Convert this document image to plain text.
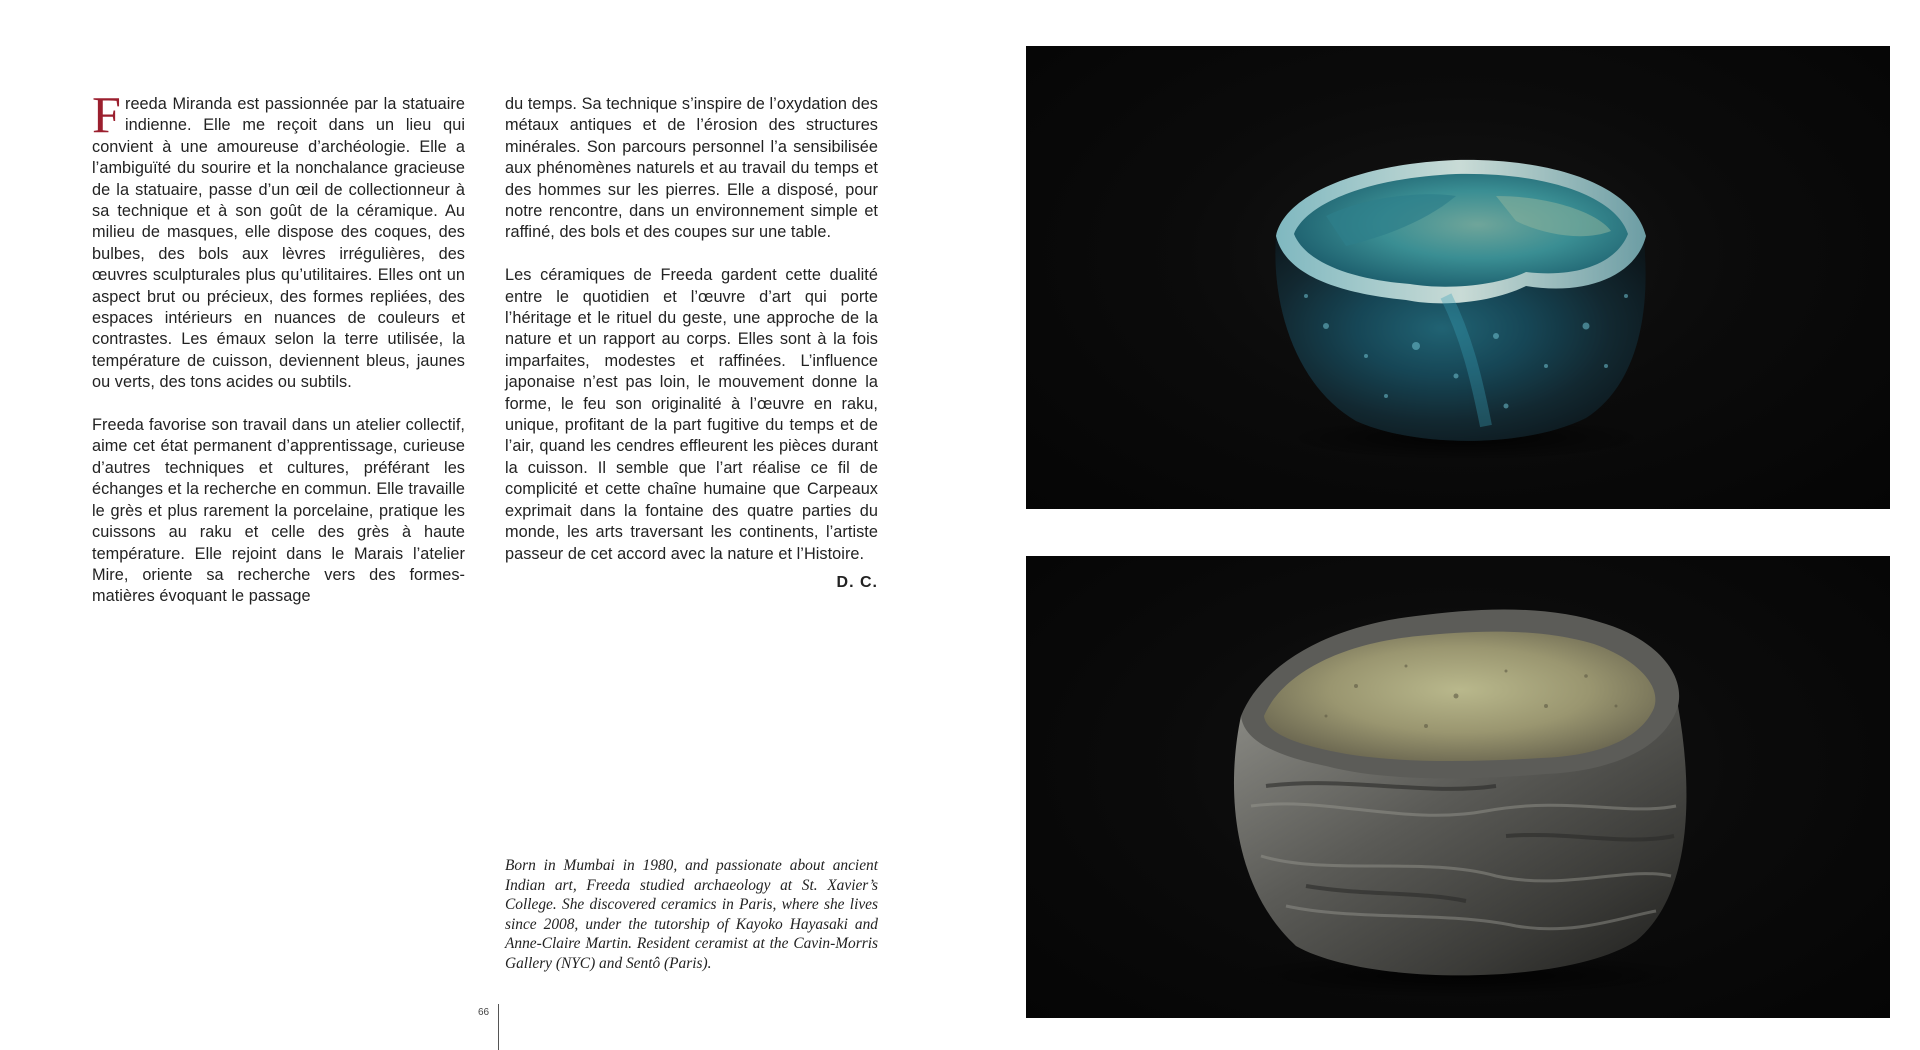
Freeda Miranda est passionnée par la statuaire indienne. Elle me reçoit dans un lieu qui convient à une amoureuse d’archéologie. Elle a l’ambiguïté du sourire et la nonchalance gracieuse de la statuaire, passe d’un œil de collectionneur à sa technique et à son goût de la céramique. Au milieu de masques, elle dispose des coques, des bulbes, des bols aux lèvres irrégulières, des œuvres sculpturales plus qu’utilitaires. Elles ont un aspect brut ou précieux, des formes repliées, des espaces intérieurs en nuances de couleurs et contrastes. Les émaux selon la terre utilisée, la température de cuisson, deviennent bleus, jaunes ou verts, des tons acides ou subtils.

Freeda favorise son travail dans un atelier collectif, aime cet état permanent d’apprentissage, curieuse d’autres techniques et cultures, préférant les échanges et la recherche en commun. Elle travaille le grès et plus rarement la porcelaine, pratique les cuissons au raku et celle des grès à haute température. Elle rejoint dans le Marais l’atelier Mire, oriente sa recherche vers des formes-matières évoquant le passage

du temps. Sa technique s’inspire de l’oxydation des métaux antiques et de l’érosion des structures minérales. Son parcours personnel l’a sensibilisée aux phénomènes naturels et au travail du temps et des hommes sur les pierres. Elle a disposé, pour notre rencontre, dans un environnement simple et raffiné, des bols et des coupes sur une table.

Les céramiques de Freeda gardent cette dualité entre le quotidien et l’œuvre d’art qui porte l’héritage et le rituel du geste, une approche de la nature et un rapport au corps. Elles sont à la fois imparfaites, modestes et raffinées. L’influence japonaise n’est pas loin, le mouvement donne la forme, le feu son originalité à l’œuvre en raku, unique, profitant de la part fugitive du temps et de l’air, quand les cendres effleurent les pièces durant la cuisson. Il semble que l’art réalise ce fil de complicité et cette chaîne humaine que Carpeaux exprimait dans la fontaine des quatre parties du monde, les arts traversant les continents, l’artiste passeur de cet accord avec la nature et l’Histoire.

D. C.
Born in Mumbai in 1980, and passionate about ancient Indian art, Freeda studied archaeology at St. Xavier’s College. She discovered ceramics in Paris, where she lives since 2008, under the tutorship of Kayoko Hayasaki and Anne-Claire Martin. Resident ceramist at the Cavin-Morris Gallery (NYC) and Sentô (Paris).
66
